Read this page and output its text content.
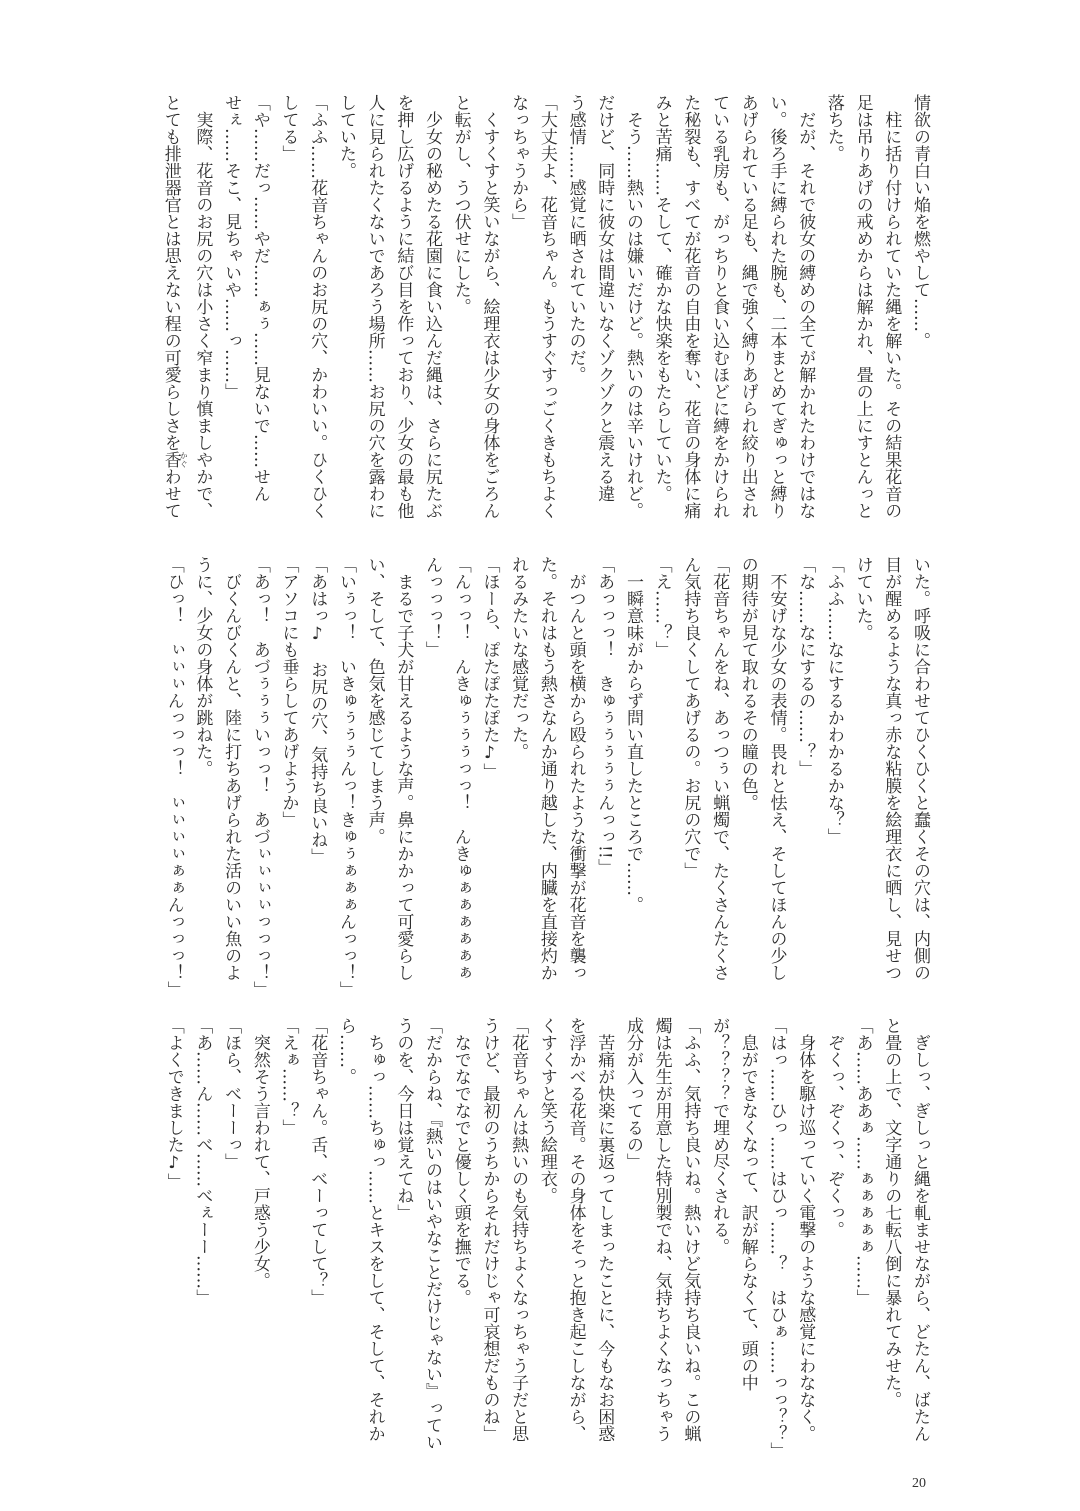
情欲の青白い焔を燃やして……。

　柱に括り付けられていた縄を解いた。その結果花音の

足は吊りあげの戒めからは解かれ、畳の上にすとんっと

落ちた。

　だが、それで彼女の縛めの全てが解かれたわけではな

い。後ろ手に縛られた腕も、二本まとめてぎゅっと縛り

あげられている足も、縄で強く縛りあげられ絞り出され

ている乳房も、がっちりと食い込むほどに縛をかけられ

た秘裂も、すべてが花音の自由を奪い、花音の身体に痛

みと苦痛……そして、確かな快楽をもたらしていた。

　そう……熱いのは嫌いだけど。熱いのは辛いけれど。

だけど、同時に彼女は間違いなくゾクゾクと震える違

う感情……感覚に晒されていたのだ。

「大丈夫よ、花音ちゃん。もうすぐすっごくきもちよく

なっちゃうから」

　くすくすと笑いながら、絵理衣は少女の身体をごろん

と転がし、うつ伏せにした。

　少女の秘めたる花園に食い込んだ縄は、さらに尻たぶ

を押し広げるように結び目を作っており、少女の最も他

人に見られたくないであろう場所……お尻の穴を露わに

していた。

「ふふ……花音ちゃんのお尻の穴、かわいい。ひくひく

してる」

「や……だっ……やだ……ぁぅ……見ないで……せん

せぇ……そこ、見ちゃいや……っ……」

　実際、花音のお尻の穴は小さく窄まり慎ましやかで、

とても排泄器官とは思えない程の可愛らしさを香かぐわせて

いた。呼吸に合わせてひくひくと蠢くその穴は、内側の

目が醒めるような真っ赤な粘膜を絵理衣に晒し、見せつ

けていた。

「ふふ……なにするかわかるかな？」

「な……なにするの……？」

　不安げな少女の表情。畏れと怯え、そしてほんの少し

の期待が見て取れるその瞳の色。

「花音ちゃんをね、あっつぅい蝋燭で、たくさんたくさ

ん気持ち良くしてあげるの。お尻の穴で」

「え……？」

　一瞬意味がからず問い直したところで……。

「あっっっ！　きゅぅぅぅぅぅんっっ!!」

　がつんと頭を横から殴られたような衝撃が花音を襲っ

た。それはもう熱さなんか通り越した、内臓を直接灼か

れるみたいな感覚だった。

「ほーら、ぽたぽたぽた♪」

「んっっ！　んきゅぅぅぅっっ！　んきゅぁぁぁぁぁぁ

んっっっ！」

　まるで子犬が甘えるような声。鼻にかかって可愛らし

い、そして、色気を感じてしまう声。

「いぅっ！　いきゅぅぅぅんっ！きゅぅぁぁぁんっっ！」

「あはっ♪　お尻の穴、気持ち良いね」

「アソコにも垂らしてあげようか」

「あっ！　あづぅぅぅいっっ！　あづぃぃぃぃっっっ！」

　びくんびくんと、陸に打ちあげられた活のいい魚のよ

うに、少女の身体が跳ねた。

「ひっ！　ぃぃぃんっっっ！　ぃぃぃぃぁぁんっっっ！」

　ぎしっ、ぎしっと縄を軋ませながら、どたん、ばたん

と畳の上で、文字通りの七転八倒に暴れてみせた。

「あ……ああぁ……ぁぁぁぁぁ……」

　ぞくっ、ぞくっ、ぞくっ。

　身体を駆け巡っていく電撃のような感覚にわななく。

「はっ……ひっ……はひっ……？　はひぁ……っっ？？」

　息ができなくなって、訳が解らなくて、頭の中

が？？？？で埋め尽くされる。

「ふふ、気持ち良いね。熱いけど気持ち良いね。この蝋

燭は先生が用意した特別製でね、気持ちよくなっちゃう

成分が入ってるの」

　苦痛が快楽に裏返ってしまったことに、今もなお困惑

を浮かべる花音。その身体をそっと抱き起こしながら、

くすくすと笑う絵理衣。

「花音ちゃんは熱いのも気持ちよくなっちゃう子だと思

うけど、最初のうちからそれだけじゃ可哀想だものね」

　なでなでなでと優しく頭を撫でる。

「だからね、『熱いのはいやなことだけじゃない』ってい

うのを、今日は覚えてね」

　ちゅっ……ちゅっ……とキスをして、そして、それか

ら……。

「花音ちゃん。舌、べーってして？」

「えぁ……？」

　突然そう言われて、戸惑う少女。

「ほら、べーーっ」

「あ……ん……べ……べぇーー……」

「よくできました♪」

20
